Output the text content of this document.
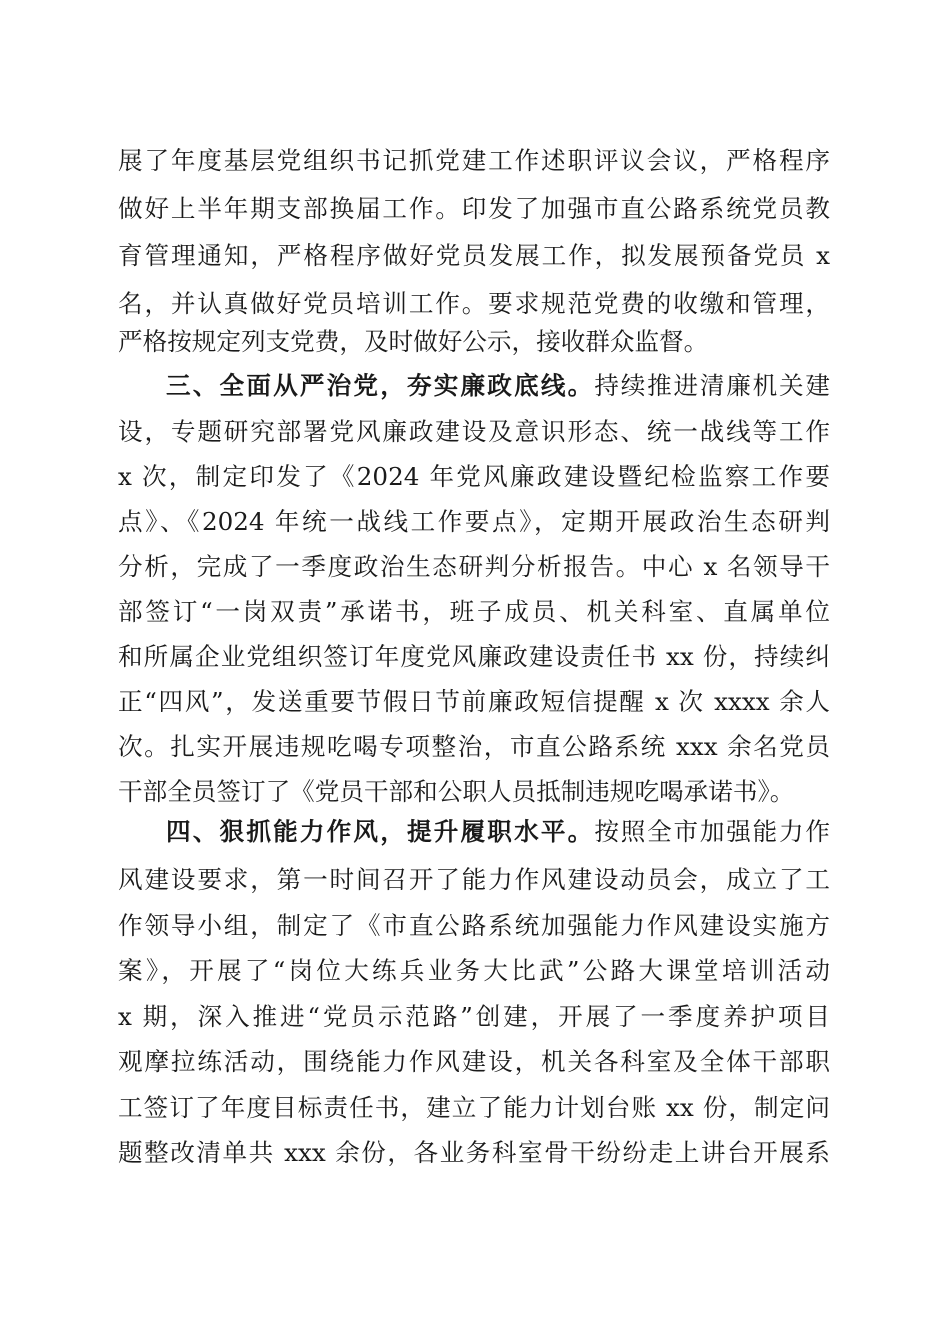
展了年度基层党组织书记抓党建工作述职评议会议，严格程序
做好上半年期支部换届工作。印发了加强市直公路系统党员教
育管理通知，严格程序做好党员发展工作，拟发展预备党员 x
名，并认真做好党员培训工作。要求规范党费的收缴和管理，
严格按规定列支党费，及时做好公示，接收群众监督。
三、全面从严治党，夯实廉政底线。持续推进清廉机关建
设，专题研究部署党风廉政建设及意识形态、统一战线等工作
x 次，制定印发了《2024 年党风廉政建设暨纪检监察工作要
点》、《2024 年统一战线工作要点》，定期开展政治生态研判
分析，完成了一季度政治生态研判分析报告。中心 x 名领导干
部签订“一岗双责”承诺书，班子成员、机关科室、直属单位
和所属企业党组织签订年度党风廉政建设责任书 xx 份，持续纠
正“四风”，发送重要节假日节前廉政短信提醒 x 次 xxxx 余人
次。扎实开展违规吃喝专项整治，市直公路系统 xxx 余名党员
干部全员签订了《党员干部和公职人员抵制违规吃喝承诺书》。
四、狠抓能力作风，提升履职水平。按照全市加强能力作
风建设要求，第一时间召开了能力作风建设动员会，成立了工
作领导小组，制定了《市直公路系统加强能力作风建设实施方
案》，开展了“岗位大练兵业务大比武”公路大课堂培训活动
x 期，深入推进“党员示范路”创建，开展了一季度养护项目
观摩拉练活动，围绕能力作风建设，机关各科室及全体干部职
工签订了年度目标责任书，建立了能力计划台账 xx 份，制定问
题整改清单共 xxx 余份，各业务科室骨干纷纷走上讲台开展系
